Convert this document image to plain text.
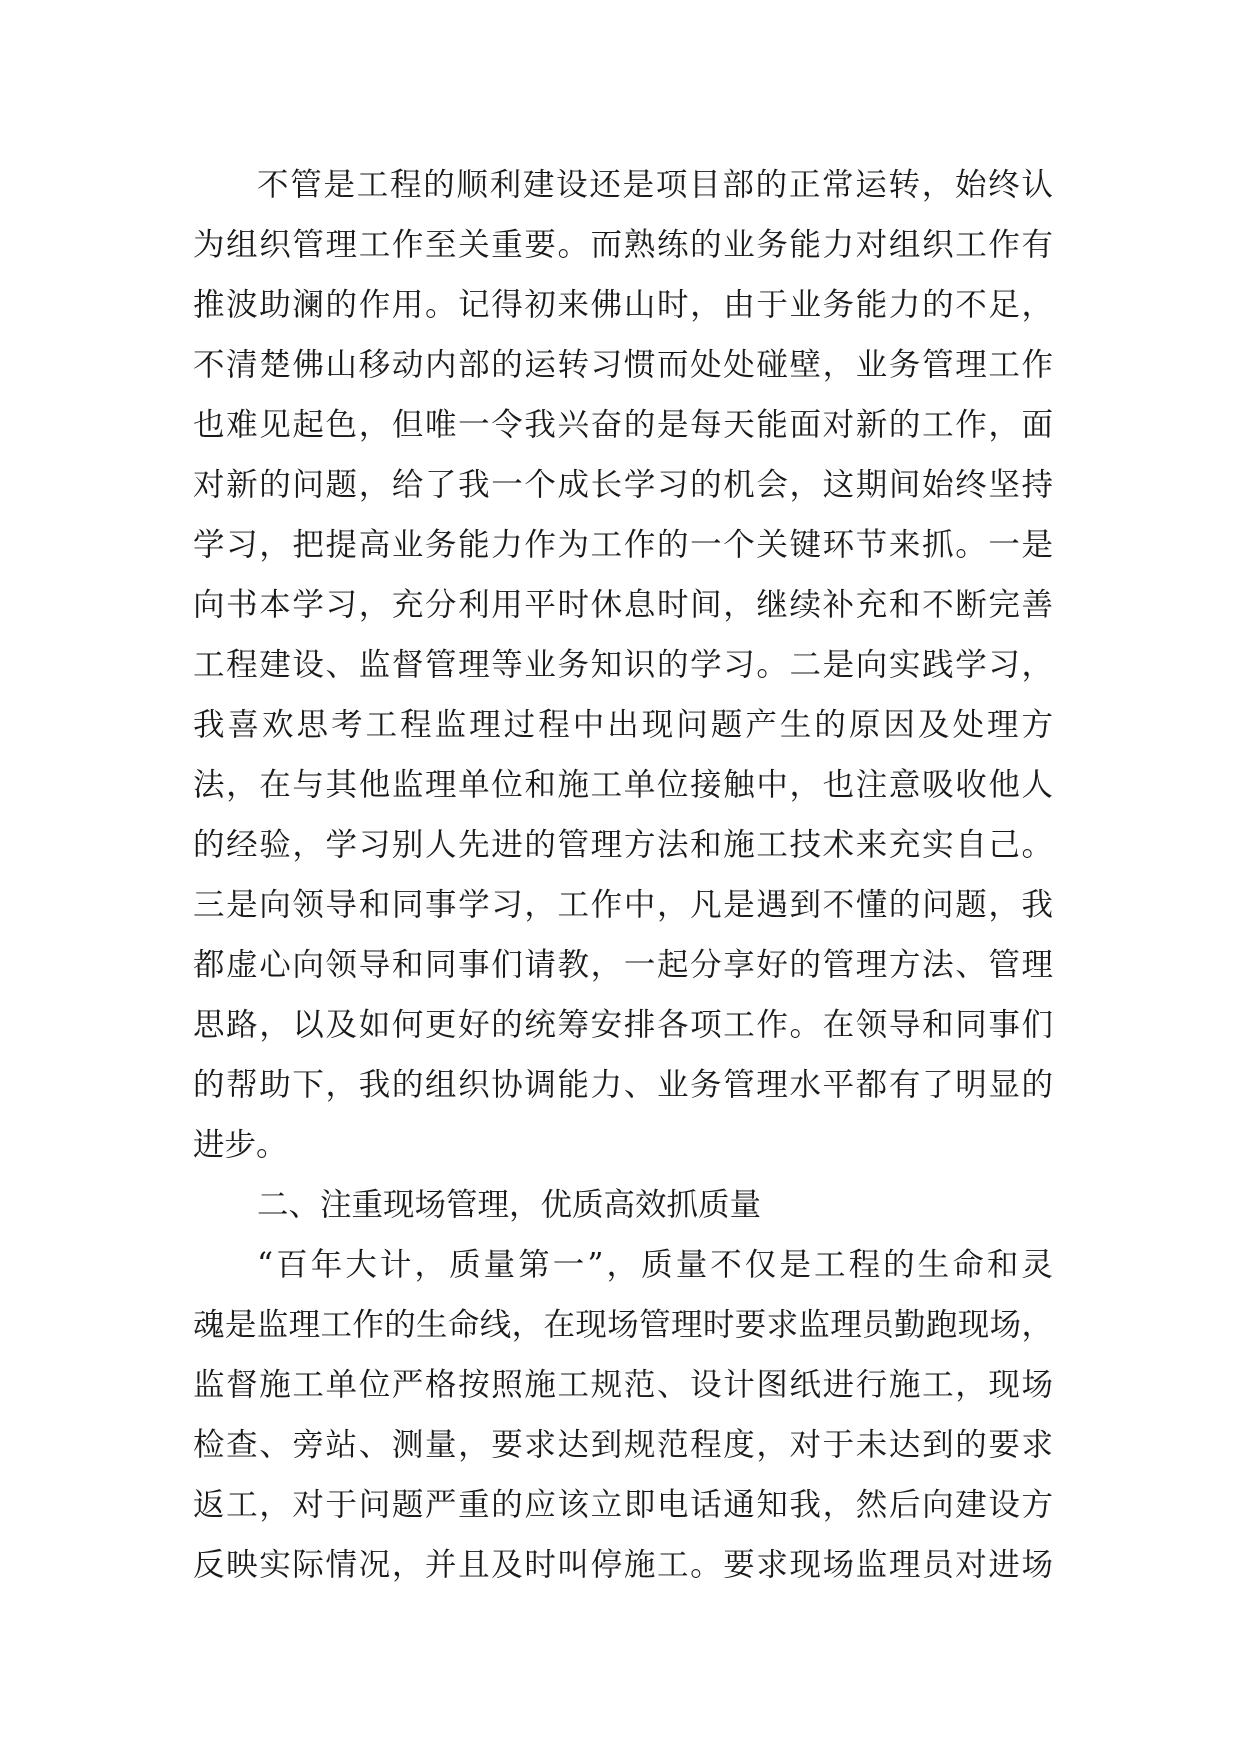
不管是工程的顺利建设还是项目部的正常运转，始终认
为组织管理工作至关重要。而熟练的业务能力对组织工作有
推波助澜的作用。记得初来佛山时，由于业务能力的不足，
不清楚佛山移动内部的运转习惯而处处碰壁，业务管理工作
也难见起色，但唯一令我兴奋的是每天能面对新的工作，面
对新的问题，给了我一个成长学习的机会，这期间始终坚持
学习，把提高业务能力作为工作的一个关键环节来抓。一是
向书本学习，充分利用平时休息时间，继续补充和不断完善
工程建设、监督管理等业务知识的学习。二是向实践学习，
我喜欢思考工程监理过程中出现问题产生的原因及处理方
法，在与其他监理单位和施工单位接触中，也注意吸收他人
的经验，学习别人先进的管理方法和施工技术来充实自己。
三是向领导和同事学习，工作中，凡是遇到不懂的问题，我
都虚心向领导和同事们请教，一起分享好的管理方法、管理
思路，以及如何更好的统筹安排各项工作。在领导和同事们
的帮助下，我的组织协调能力、业务管理水平都有了明显的
进步。
二、注重现场管理，优质高效抓质量
“百年大计，质量第一”，质量不仅是工程的生命和灵
魂是监理工作的生命线，在现场管理时要求监理员勤跑现场，
监督施工单位严格按照施工规范、设计图纸进行施工，现场
检查、旁站、测量，要求达到规范程度，对于未达到的要求
返工，对于问题严重的应该立即电话通知我，然后向建设方
反映实际情况，并且及时叫停施工。要求现场监理员对进场
